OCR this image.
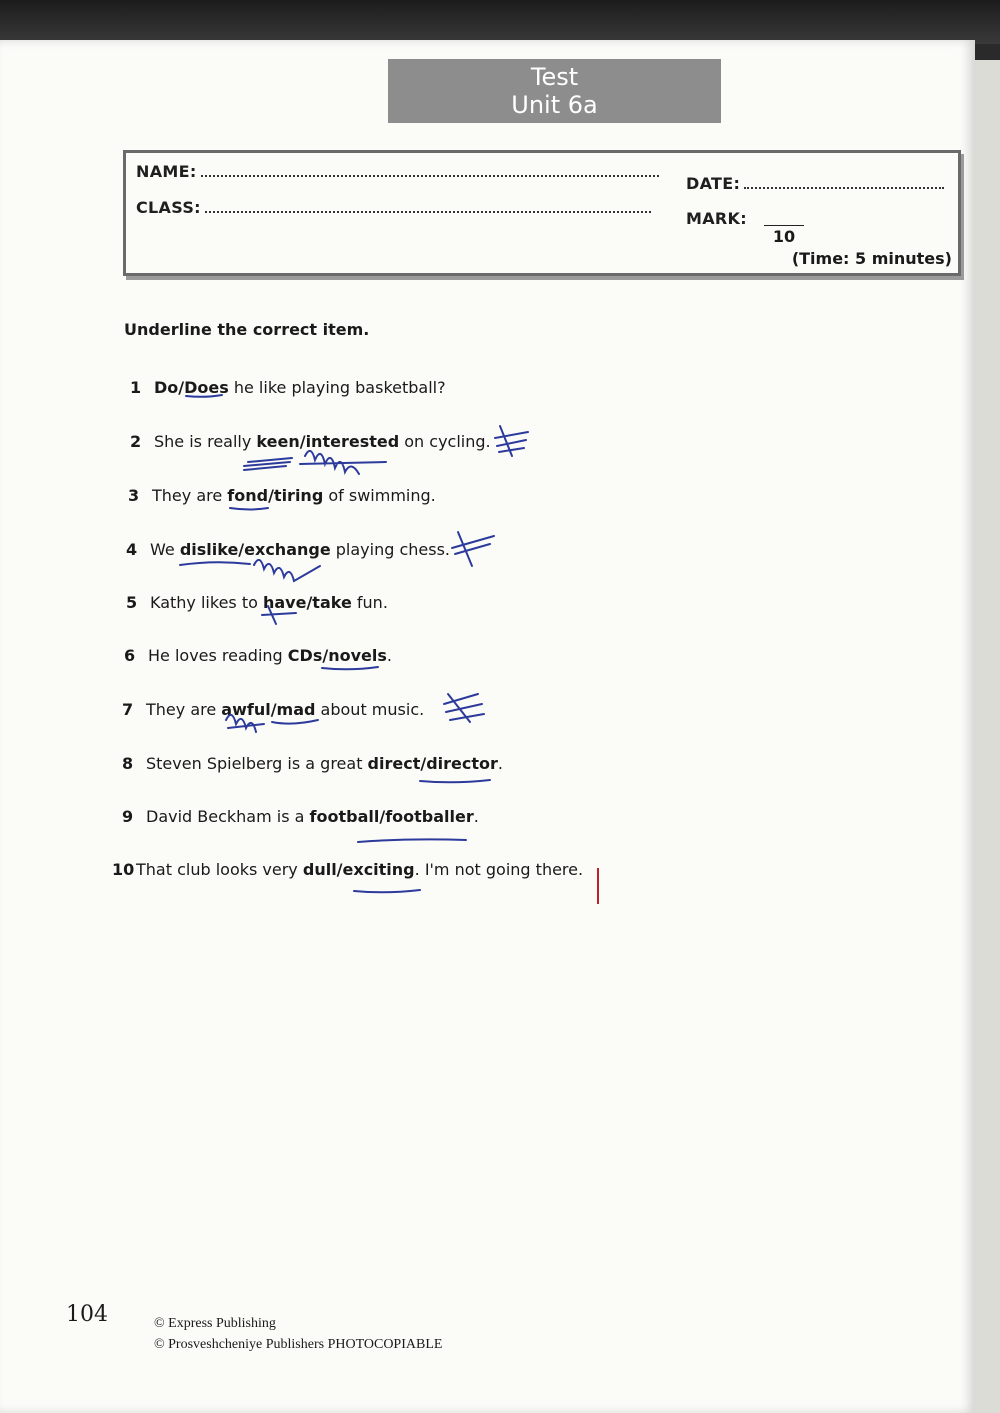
Test
Unit 6a
NAME:
CLASS:
DATE:
MARK:
10
(Time: 5 minutes)
Underline the correct item.
1 Do/Does he like playing basketball?
2 She is really keen/interested on cycling.
3 They are fond/tiring of swimming.
4 We dislike/exchange playing chess.
5 Kathy likes to have/take fun.
6 He loves reading CDs/novels.
7 They are awful/mad about music.
8 Steven Spielberg is a great direct/director.
9 David Beckham is a football/footballer.
10 That club looks very dull/exciting. I'm not going there.
104	© Express Publishing
© Prosveshcheniye Publishers PHOTOCOPIABLE
